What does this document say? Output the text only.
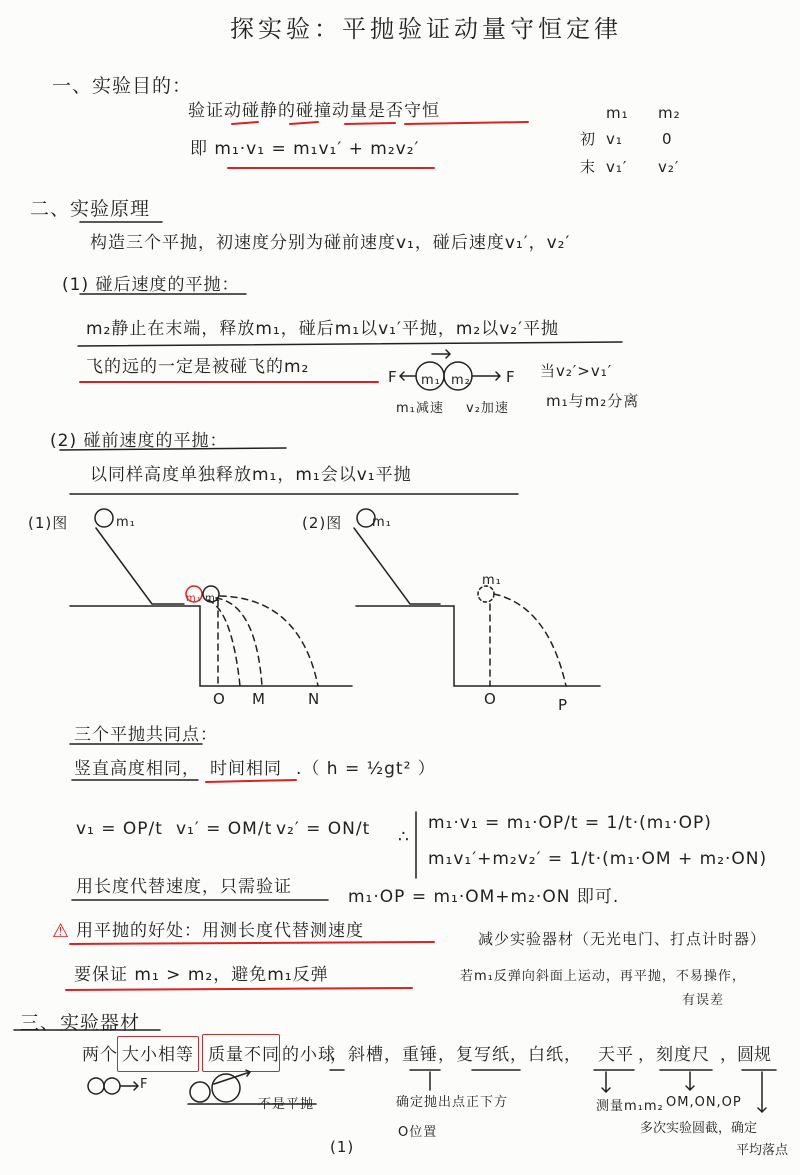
探实验：平抛验证动量守恒定律
一、实验目的：
验证动碰静的碰撞动量是否守恒
即 m₁·v₁ = m₁v₁′ + m₂v₂′
m₁ m₂
初 v₁	0
末 v₁′ v₂′
二、实验原理
构造三个平抛，初速度分别为碰前速度v₁，碰后速度v₁′，v₂′
(1) 碰后速度的平抛：
m₂静止在末端，释放m₁，碰后m₁以v₁′平抛，m₂以v₂′平抛
飞的远的一定是被碰飞的m₂	F m₁ m₂ F
m₁减速 v₂加速
当v₂′>v₁′
m₁与m₂分离
(2) 碰前速度的平抛：
以同样高度单独释放m₁，m₁会以v₁平抛
(1)图	m₁
m₁ m₂
O M	N
(2)图 m₁
m₁
O	P
三个平抛共同点：
竖直高度相同， 时间相同 .（ h = ½gt² ）
v₁ = OP/t v₁′ = OM/t v₂′ = ON/t ∴
m₁·v₁ = m₁·OP/t = 1/t·(m₁·OP)
m₁v₁′+m₂v₂′ = 1/t·(m₁·OM + m₂·ON)
用长度代替速度，只需验证	m₁·OP = m₁·OM+m₂·ON 即可.
⚠ 用平抛的好处：用测长度代替测速度	减少实验器材（无光电门、打点计时器）
要保证 m₁ > m₂，避免m₁反弹	若m₁反弹向斜面上运动，再平抛，不易操作，
有误差
三、实验器材
两个 大小相等 质量不同 的小球
，斜槽，重锤，复写纸，白纸， 天平 ，刻度尺 ，圆规
F
不是平抛	确定抛出点正下方
O位置
测量m₁m₂ OM,ON,OP
多次实验圆截，确定
平均落点
(1)
